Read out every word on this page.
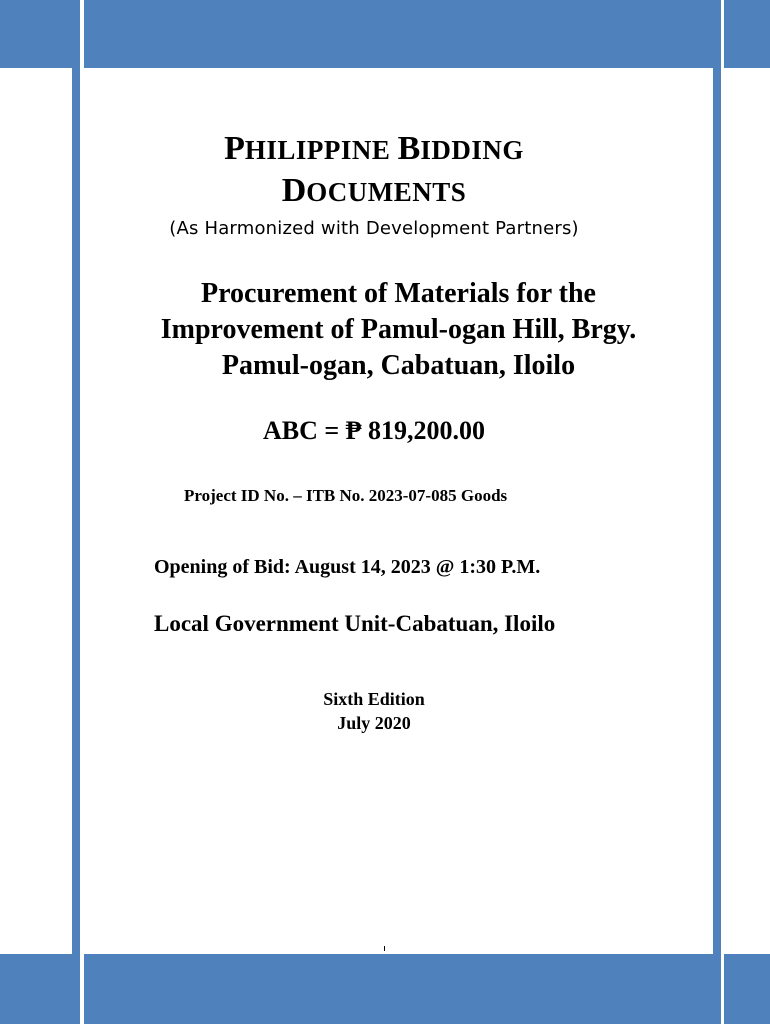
PHILIPPINE BIDDING
DOCUMENTS
(As Harmonized with Development Partners)
Procurement of Materials for the
Improvement of Pamul-ogan Hill, Brgy.
Pamul-ogan, Cabatuan, Iloilo
ABC = ₱ 819,200.00
Project ID No. – ITB No. 2023-07-085 Goods
Opening of Bid: August 14, 2023 @ 1:30 P.M.
Local Government Unit-Cabatuan, Iloilo
Sixth Edition
July 2020
